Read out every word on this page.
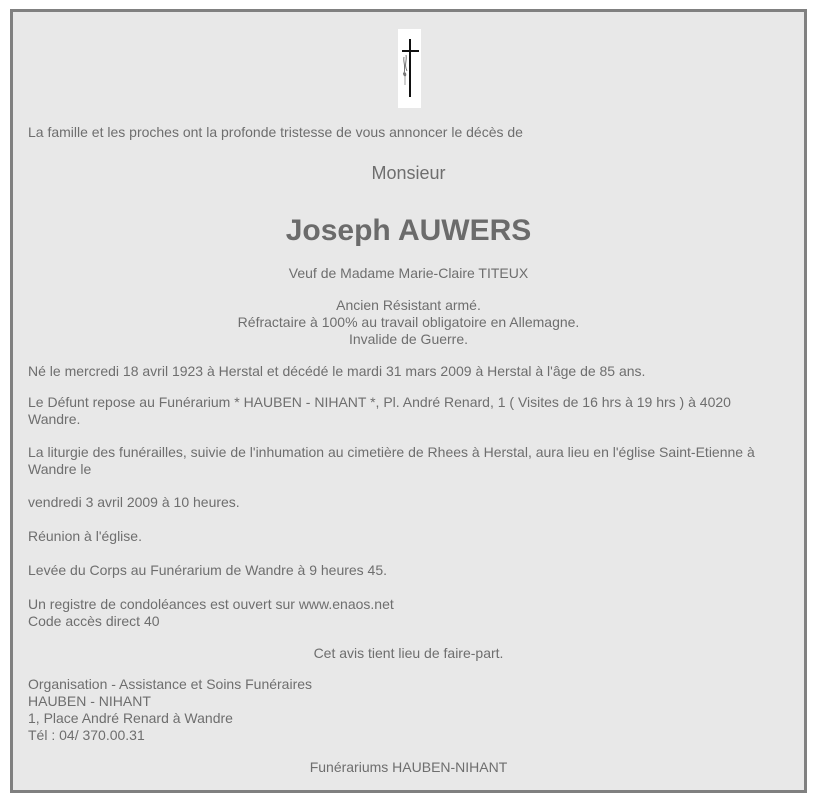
La famille et les proches ont la profonde tristesse de vous annoncer le décès de

Monsieur

Joseph AUWERS

Veuf de Madame Marie-Claire TITEUX

Ancien Résistant armé.

Réfractaire à 100% au travail obligatoire en Allemagne.

Invalide de Guerre.

Né le mercredi 18 avril 1923 à Herstal et décédé le mardi 31 mars 2009 à Herstal à l'âge de 85 ans.

Le Défunt repose au Funérarium * HAUBEN - NIHANT *, Pl. André Renard, 1 ( Visites de 16 hrs à 19 hrs ) à 4020

Wandre.

La liturgie des funérailles, suivie de l'inhumation au cimetière de Rhees à Herstal, aura lieu en l'église Saint-Etienne à

Wandre le

vendredi 3 avril 2009 à 10 heures.

Réunion à l'église.

Levée du Corps au Funérarium de Wandre à 9 heures 45.

Un registre de condoléances est ouvert sur www.enaos.net

Code accès direct 40

Cet avis tient lieu de faire-part.

Organisation - Assistance et Soins Funéraires

HAUBEN - NIHANT

1, Place André Renard à Wandre

Tél : 04/ 370.00.31

Funérariums HAUBEN-NIHANT
